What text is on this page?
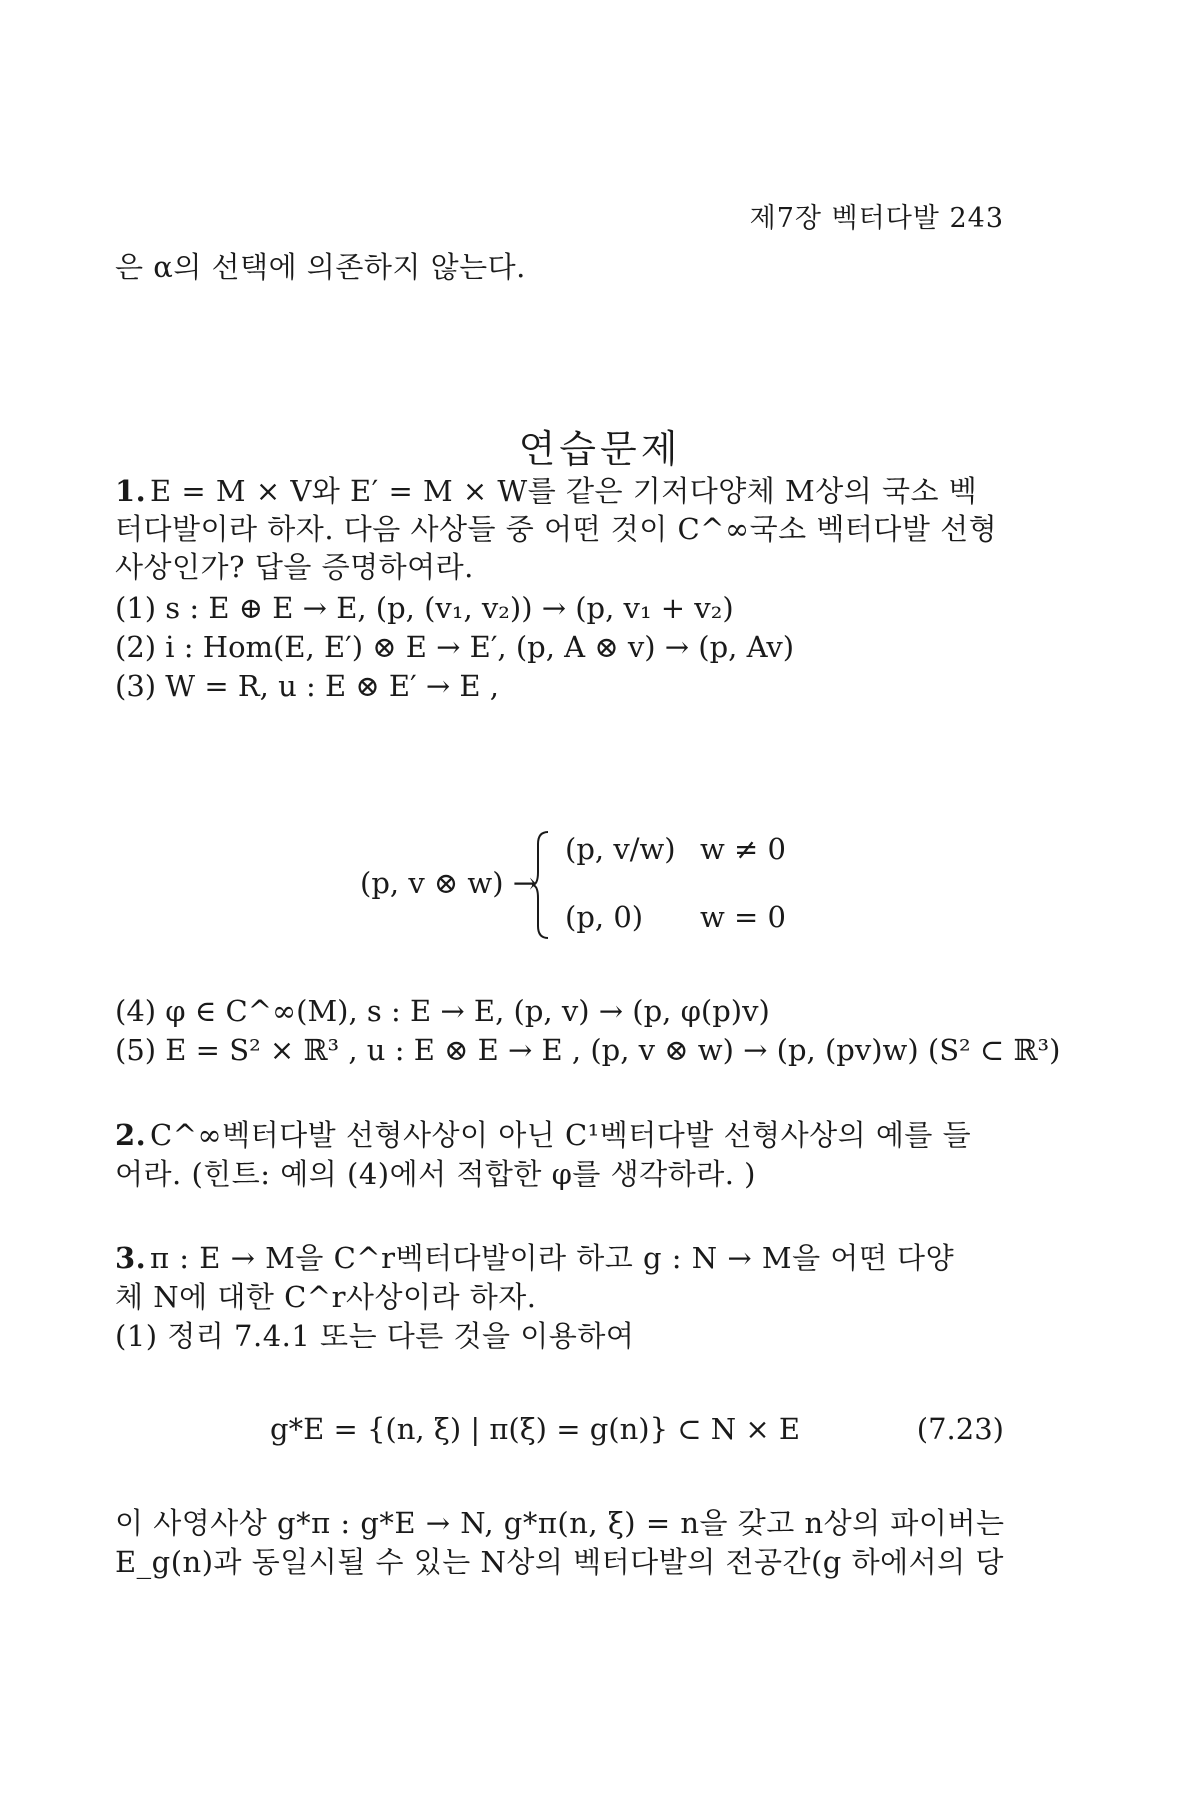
제7장 벡터다발 243
은 α의 선택에 의존하지 않는다.
연습문제
1. E = M × V와 E′ = M × W를 같은 기저다양체 M상의 국소 벡
터다발이라 하자. 다음 사상들 중 어떤 것이 C^∞국소 벡터다발 선형
사상인가? 답을 증명하여라.
(1) s : E ⊕ E → E, (p, (v₁, v₂)) → (p, v₁ + v₂)
(2) i : Hom(E, E′) ⊗ E → E′, (p, A ⊗ v) → (p, Av)
(3) W = R, u : E ⊗ E′ → E ,
(p, v ⊗ w) →
(p, v/w) w ≠ 0
(p, 0) w = 0
(4) φ ∈ C^∞(M), s : E → E, (p, v) → (p, φ(p)v)
(5) E = S² × ℝ³ , u : E ⊗ E → E , (p, v ⊗ w) → (p, (pv)w) (S² ⊂ ℝ³)
2. C^∞벡터다발 선형사상이 아닌 C¹벡터다발 선형사상의 예를 들
어라. (힌트: 예의 (4)에서 적합한 φ를 생각하라. )
3. π : E → M을 C^r벡터다발이라 하고 g : N → M을 어떤 다양
체 N에 대한 C^r사상이라 하자.
(1) 정리 7.4.1 또는 다른 것을 이용하여
g*E = {(n, ξ) | π(ξ) = g(n)} ⊂ N × E	(7.23)
이 사영사상 g*π : g*E → N, g*π(n, ξ) = n을 갖고 n상의 파이버는
E_g(n)과 동일시될 수 있는 N상의 벡터다발의 전공간(g 하에서의 당
